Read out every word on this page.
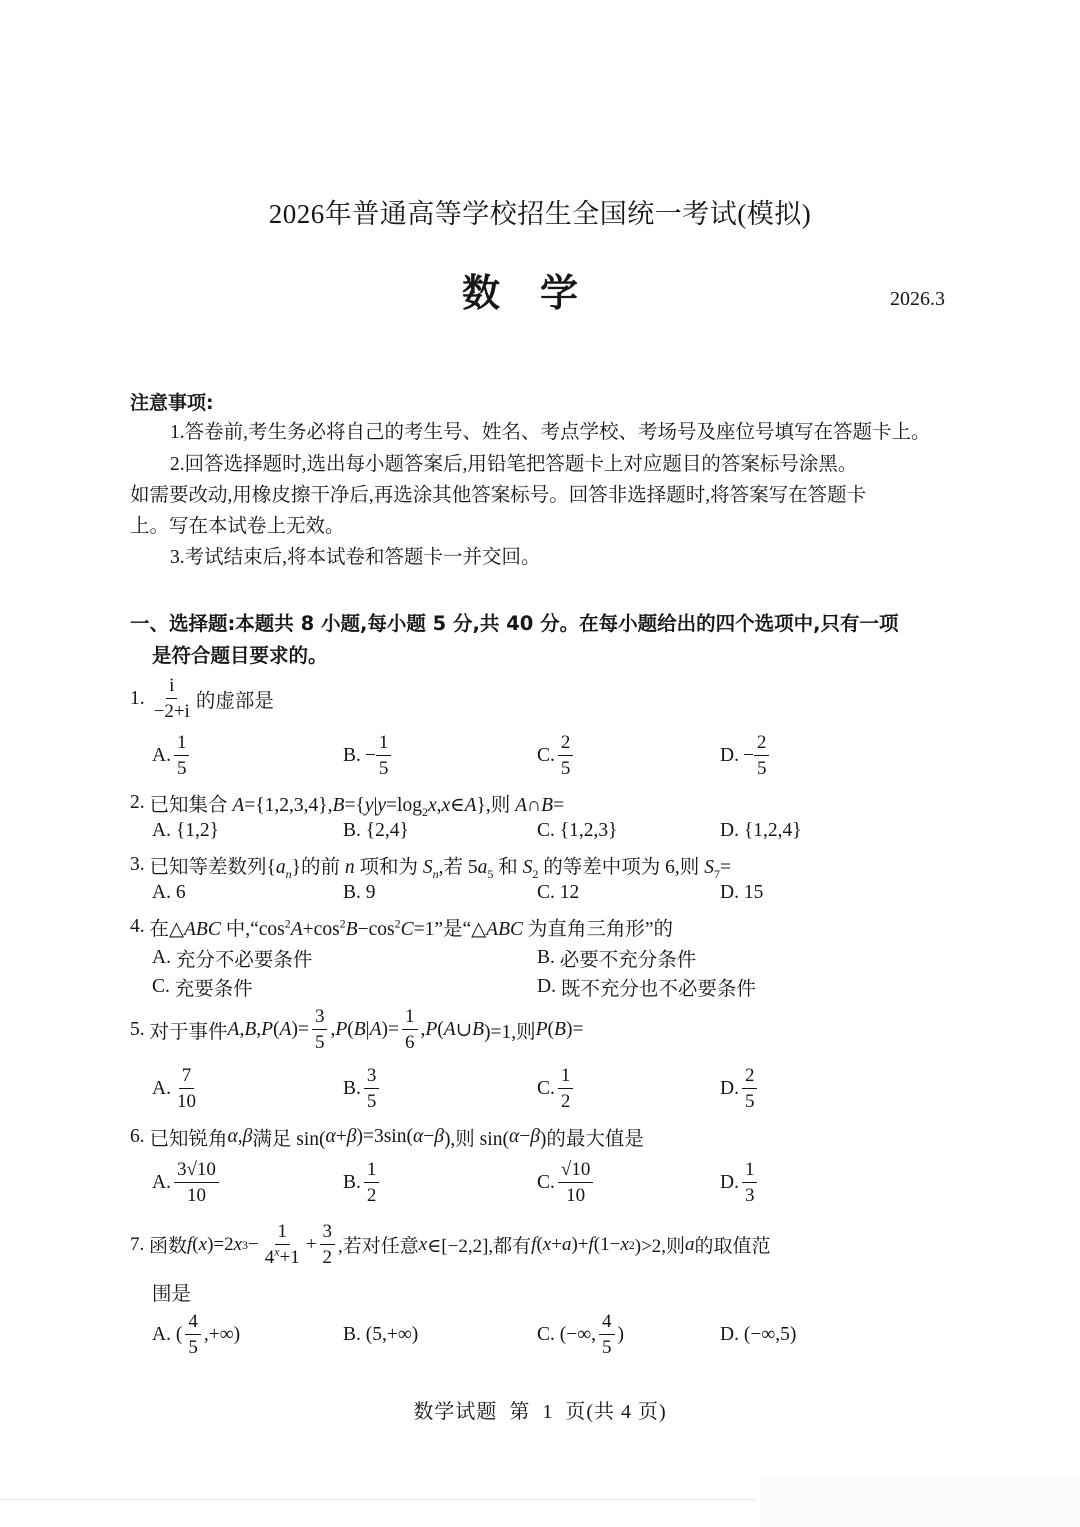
2026年普通高等学校招生全国统一考试(模拟)
数学	2026.3
注意事项:
1.答卷前,考生务必将自己的考生号、姓名、考点学校、考场号及座位号填写在答题卡上。
2.回答选择题时,选出每小题答案后,用铅笔把答题卡上对应题目的答案标号涂黑。
如需要改动,用橡皮擦干净后,再选涂其他答案标号。回答非选择题时,将答案写在答题卡
上。写在本试卷上无效。
3.考试结束后,将本试卷和答题卡一并交回。
一、选择题:本题共 8 小题,每小题 5 分,共 40 分。在每小题给出的四个选项中,只有一项
是符合题目要求的。
1. $\frac{i}{-2+i}$ 的虚部是
A. $\frac{1}{5}$	B. − $\frac{1}{5}$	C. $\frac{2}{5}$	D. − $\frac{2}{5}$
2.
已知集合 $A=\{1,2,3,4\},B=\{y|y=\log_2x,x\in A\}$,则 A∩B=
A.
{1,2}	B.
{2,4}	C.
{1,2,3}	D.
{1,2,4}
3.
已知等差数列$\{a_n\}$的前 n 项和为 $S_n$,若 $5a_5$ 和 $S_2$ 的等差中项为 6,则 $S_7=$
A.
6	B.
9	C.
12	D.
15
4.
在△ABC 中$,“\cos^2A+\cos^2B-\cos^2C=1$”是“△ABC 为直角三角形”的
A.
充分不必要条件	B.
必要不充分条件
C.
充要条件	D.
既不充分也不必要条件
5.
对于事件 A , B , P ( A )= $\frac{3}{5}$ , P ( B | A )= $\frac{1}{6}$ , P ( A ∪ B )=1,则 P ( B )=
A. $\frac{7}{10}$	B. $\frac{3}{5}$	C. $\frac{1}{2}$	D. $\frac{2}{5}$
6.
已知锐角 α , β 满足 sin( α + β )=3sin( α − β ),则 sin( α − β )的最大值是
A. $\frac{3√10}{10}$	B. $\frac{1}{2}$	C. $\frac{√10}{10}$	D. $\frac{1}{3}$
7.
函数 f ( x )=2 x $3 - \frac{1}{4^x+1} + \frac{3}{2}$ ,若对任意 x ∈[−2,2],都有 f ( x + a )+ f (1− x 2 )>2,则 a 的取值范
围是
A.
( $\frac{4}{5}$ ,+∞)	B.
(5,+∞)	C.
(−∞, $\frac{4}{5}$ )	D.
(−∞,5)
数学试题  第  1  页(共 4 页)
